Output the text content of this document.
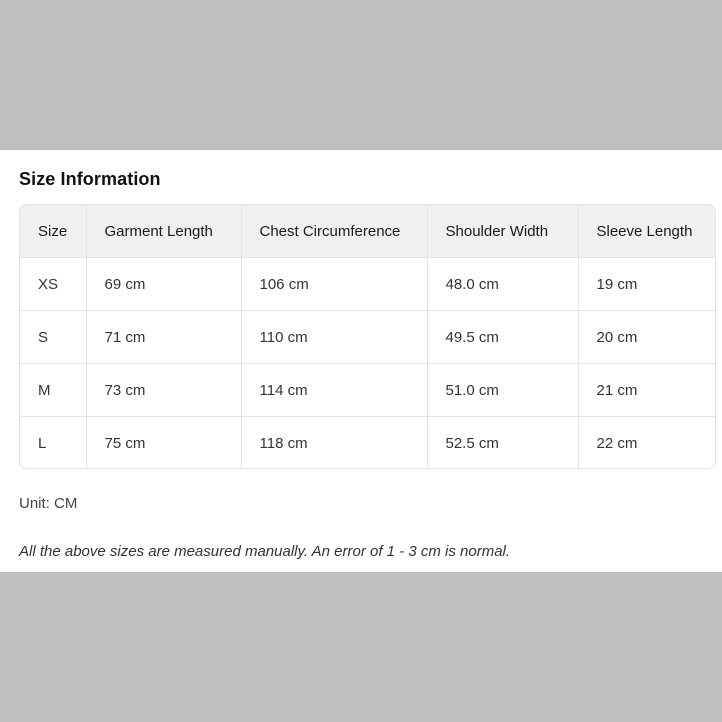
Size Information
Size	Garment Length	Chest Circumference	Shoulder Width	Sleeve Length
XS	69 cm	106 cm	48.0 cm	19 cm
S	71 cm	110 cm	49.5 cm	20 cm
M	73 cm	114 cm	51.0 cm	21 cm
L	75 cm	118 cm	52.5 cm	22 cm
Unit: CM
All the above sizes are measured manually. An error of 1 - 3 cm is normal.
